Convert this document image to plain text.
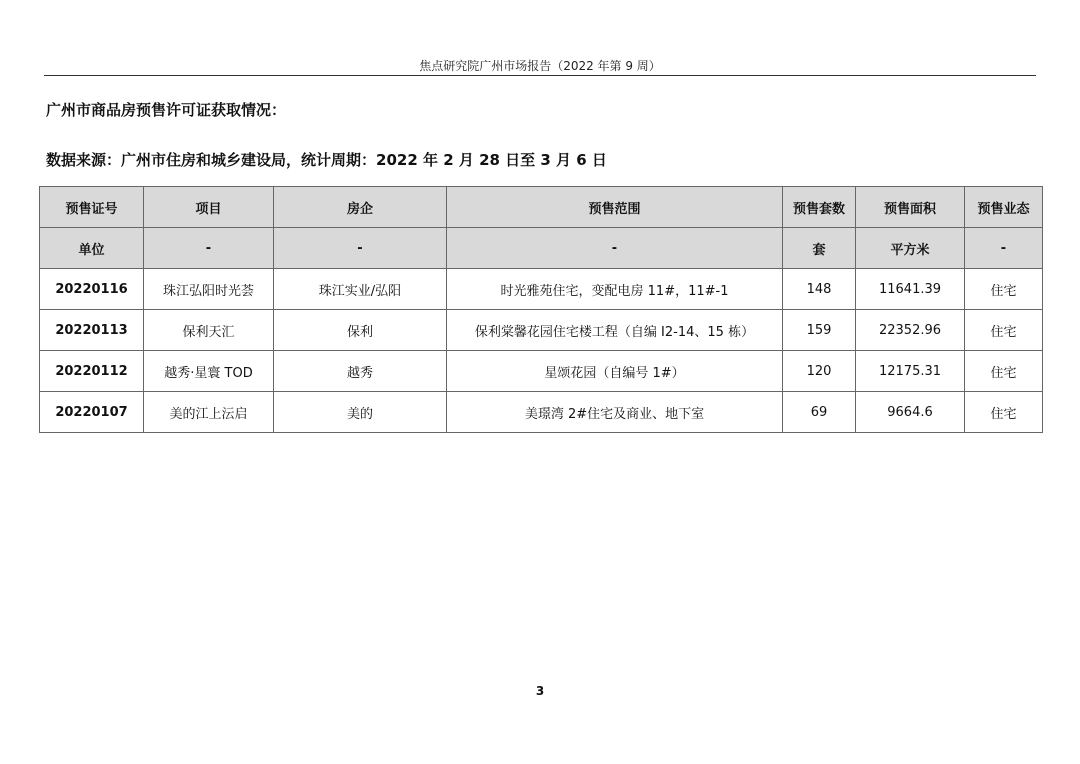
焦点研究院广州市场报告（2022 年第 9 周）
广州市商品房预售许可证获取情况：
数据来源：广州市住房和城乡建设局，统计周期：2022 年 2 月 28 日至 3 月 6 日
预售证号	项目	房企	预售范围	预售套数	预售面积	预售业态
单位	-	-	-	套	平方米	-
20220116	珠江弘阳时光荟	珠江实业/弘阳	时光雅苑住宅，变配电房 11#，11#-1	148	11641.39	住宅
20220113	保利天汇	保利	保利棠馨花园住宅楼工程（自编 I2-14、15 栋）	159	22352.96	住宅
20220112	越秀·星寰 TOD	越秀	星颂花园（自编号 1#）	120	12175.31	住宅
20220107	美的江上沄启	美的	美璟湾 2#住宅及商业、地下室	69	9664.6	住宅
3
